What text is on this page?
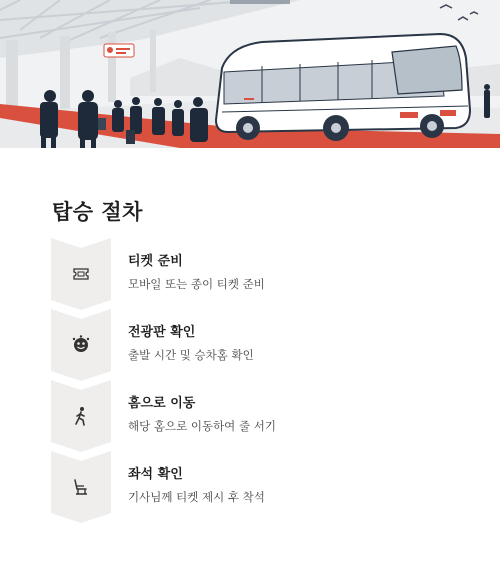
탑승 절차
티켓 준비
모바일 또는 종이 티켓 준비
전광판 확인
출발 시간 및 승차홈 확인
홈으로 이동
해당 홈으로 이동하여 줄 서기
좌석 확인
기사님께 티켓 제시 후 착석
